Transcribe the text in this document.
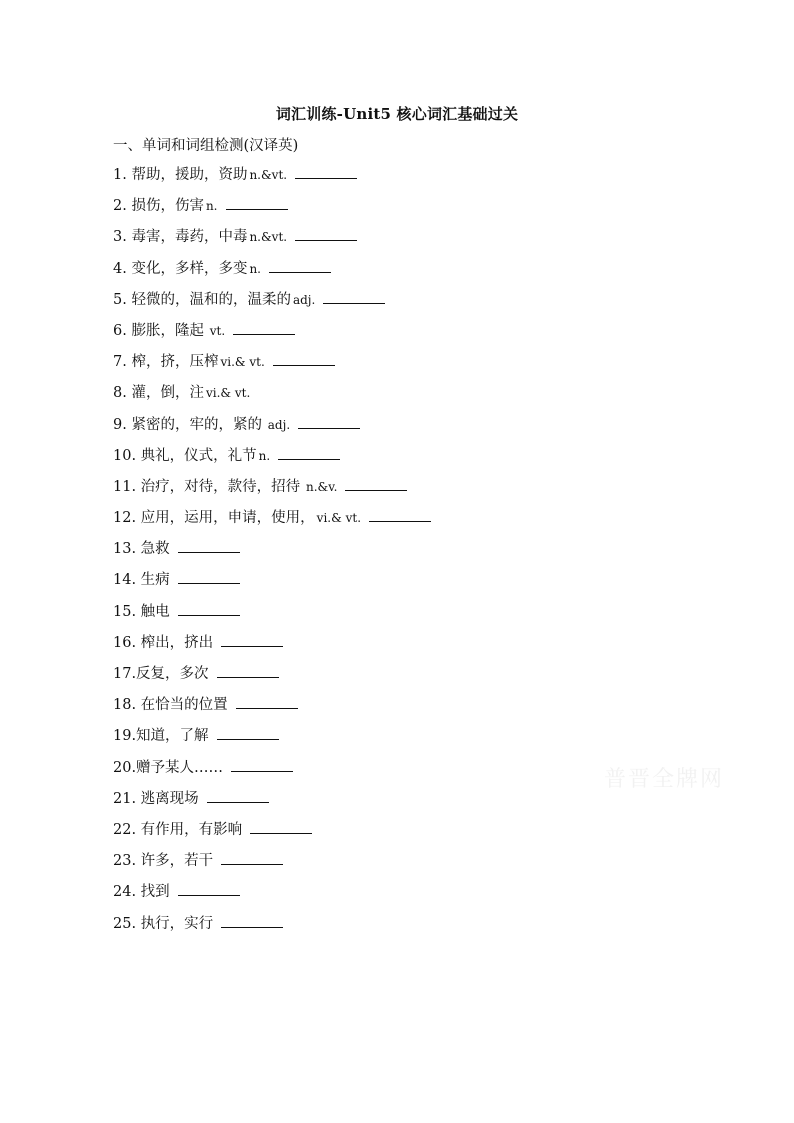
词汇训练-Unit5 核心词汇基础过关
一、单词和词组检测(汉译英)
1. 帮助，援助，资助 n.&vt.
2. 损伤，伤害 n.
3. 毒害，毒药，中毒 n.&vt.
4. 变化，多样，多变 n.
5. 轻微的，温和的，温柔的 adj.
6. 膨胀，隆起 vt.
7. 榨，挤，压榨 vi.& vt.
8. 灌，倒，注 vi.& vt.
9. 紧密的，牢的，紧的 adj.
10. 典礼，仪式，礼节 n.
11. 治疗，对待，款待，招待 n.&v.
12. 应用，运用，申请，使用， vi.& vt.
13. 急救
14. 生病
15. 触电
16. 榨出，挤出
17.反复，多次
18. 在恰当的位置
19.知道，了解
20.赠予某人……
21. 逃离现场
22. 有作用，有影响
23. 许多，若干
24. 找到
25. 执行，实行
普晋全牌网
